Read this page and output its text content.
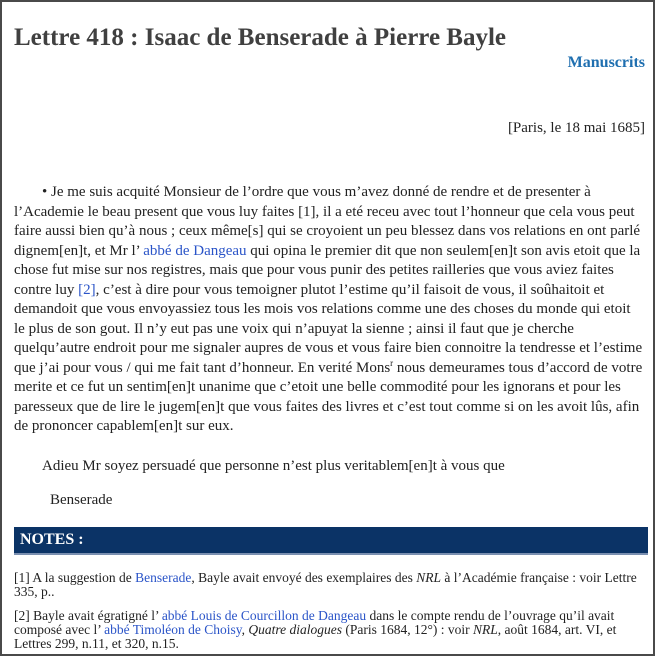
Lettre 418 : Isaac de Benserade à Pierre Bayle
Manuscrits
[Paris, le 18 mai 1685]

• Je me suis acquité Monsieur de l’ordre que vous m’avez donné de rendre et de presenter à l’Academie le beau present que vous luy faites [1], il a eté receu avec tout l’honneur que cela vous peut faire aussi bien qu’à nous ; ceux même[s] qui se croyoient un peu blessez dans vos relations en ont parlé dignem[en]t, et Mr l’ abbé de Dangeau qui opina le premier dit que non seulem[en]t son avis etoit que la chose fut mise sur nos registres, mais que pour vous punir des petites railleries que vous aviez faites contre luy [2], c’est à dire pour vous temoigner plutot l’estime qu’il faisoit de vous, il soûhaitoit et demandoit que vous envoyassiez tous les mois vos relations comme une des choses du monde qui etoit le plus de son gout. Il n’y eut pas une voix qui n’apuyat la sienne ; ainsi il faut que je cherche quelqu’autre endroit pour me signaler aupres de vous et vous faire bien connoitre la tendresse et l’estime que j’ai pour vous / qui me fait tant d’honneur. En verité Mons$^r$ nous demeurames tous d’accord de votre merite et ce fut un sentim[en]t unanime que c’etoit une belle commodité pour les ignorans et pour les paresseux que de lire le jugem[en]t que vous faites des livres et c’est tout comme si on les avoit lûs, afin de prononcer capablem[en]t sur eux.

Adieu Mr soyez persuadé que personne n’est plus veritablem[en]t à vous que

Benserade

NOTES :

[1] A la suggestion de Benserade, Bayle avait envoyé des exemplaires des NRL à l’Académie française : voir Lettre 335, p..

[2] Bayle avait égratigné l’ abbé Louis de Courcillon de Dangeau dans le compte rendu de l’ouvrage qu’il avait composé avec l’ abbé Timoléon de Choisy, Quatre dialogues (Paris 1684, 12°) : voir NRL, août 1684, art. VI, et Lettres 299, n.11, et 320, n.15.
